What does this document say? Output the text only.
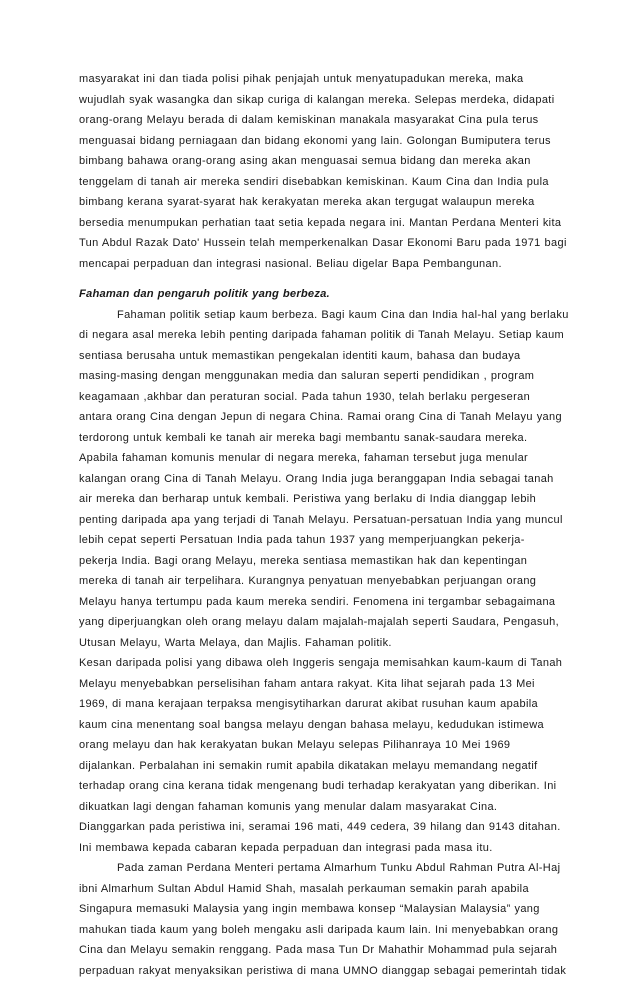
masyarakat ini dan tiada polisi pihak penjajah untuk menyatupadukan mereka, maka
wujudlah syak wasangka dan sikap curiga di kalangan mereka. Selepas merdeka, didapati
orang-orang Melayu berada di dalam kemiskinan manakala masyarakat Cina pula terus
menguasai bidang perniagaan dan bidang ekonomi yang lain. Golongan Bumiputera terus
bimbang bahawa orang-orang asing akan menguasai semua bidang dan mereka akan
tenggelam di tanah air mereka sendiri disebabkan kemiskinan. Kaum Cina dan India pula
bimbang kerana syarat-syarat hak kerakyatan mereka akan tergugat walaupun mereka
bersedia menumpukan perhatian taat setia kepada negara ini. Mantan Perdana Menteri kita
Tun Abdul Razak Dato' Hussein telah memperkenalkan Dasar Ekonomi Baru pada 1971 bagi
mencapai perpaduan dan integrasi nasional. Beliau digelar Bapa Pembangunan.
Fahaman dan pengaruh politik yang berbeza.
Fahaman politik setiap kaum berbeza. Bagi kaum Cina dan India hal-hal yang berlaku
di negara asal mereka lebih penting daripada fahaman politik di Tanah Melayu. Setiap kaum
sentiasa berusaha untuk memastikan pengekalan identiti kaum, bahasa dan budaya
masing-masing dengan menggunakan media dan saluran seperti pendidikan , program
keagamaan ,akhbar dan peraturan social. Pada tahun 1930, telah berlaku pergeseran
antara orang Cina dengan Jepun di negara China. Ramai orang Cina di Tanah Melayu yang
terdorong untuk kembali ke tanah air mereka bagi membantu sanak-saudara mereka.
Apabila fahaman komunis menular di negara mereka, fahaman tersebut juga menular
kalangan orang Cina di Tanah Melayu. Orang India juga beranggapan India sebagai tanah
air mereka dan berharap untuk kembali. Peristiwa yang berlaku di India dianggap lebih
penting daripada apa yang terjadi di Tanah Melayu. Persatuan-persatuan India yang muncul
lebih cepat seperti Persatuan India pada tahun 1937 yang memperjuangkan pekerja-
pekerja India. Bagi orang Melayu, mereka sentiasa memastikan hak dan kepentingan
mereka di tanah air terpelihara. Kurangnya penyatuan menyebabkan perjuangan orang
Melayu hanya tertumpu pada kaum mereka sendiri. Fenomena ini tergambar sebagaimana
yang diperjuangkan oleh orang melayu dalam majalah-majalah seperti Saudara, Pengasuh,
Utusan Melayu, Warta Melaya, dan Majlis. Fahaman politik.
Kesan daripada polisi yang dibawa oleh Inggeris sengaja memisahkan kaum-kaum di Tanah
Melayu menyebabkan perselisihan faham antara rakyat. Kita lihat sejarah pada 13 Mei
1969, di mana kerajaan terpaksa mengisytiharkan darurat akibat rusuhan kaum apabila
kaum cina menentang soal bangsa melayu dengan bahasa melayu, kedudukan istimewa
orang melayu dan hak kerakyatan bukan Melayu selepas Pilihanraya 10 Mei 1969
dijalankan. Perbalahan ini semakin rumit apabila dikatakan melayu memandang negatif
terhadap orang cina kerana tidak mengenang budi terhadap kerakyatan yang diberikan. Ini
dikuatkan lagi dengan fahaman komunis yang menular dalam masyarakat Cina.
Dianggarkan pada peristiwa ini, seramai 196 mati, 449 cedera, 39 hilang dan 9143 ditahan.
Ini membawa kepada cabaran kepada perpaduan dan integrasi pada masa itu.
Pada zaman Perdana Menteri pertama Almarhum Tunku Abdul Rahman Putra Al-Haj
ibni Almarhum Sultan Abdul Hamid Shah, masalah perkauman semakin parah apabila
Singapura memasuki Malaysia yang ingin membawa konsep “Malaysian Malaysia” yang
mahukan tiada kaum yang boleh mengaku asli daripada kaum lain. Ini menyebabkan orang
Cina dan Melayu semakin renggang. Pada masa Tun Dr Mahathir Mohammad pula sejarah
perpaduan rakyat menyaksikan peristiwa di mana UMNO dianggap sebagai pemerintah tidak
